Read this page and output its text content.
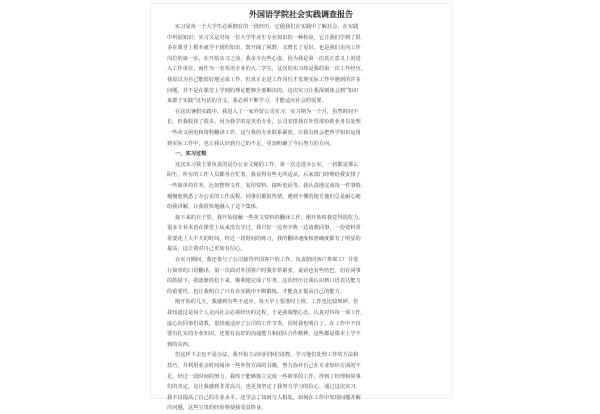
外国语学院社会实践调查报告
实习是每一个大学生必须拥有的一段经历，它使我们在实践中了解社会、在实践
中巩固知识；实习又是对每一位大学毕业生专业知识的一种检验，它让我们学到了很
多在课堂上根本就学不到的知识，既开阔了视野，又增长了见识，也是我们走向工作
岗位的第一步。在开始实习之前，我多少有些心虚，因为我是第一次真正意义上的进
入工作单位，而作为一名英语专业的大二学生，这次的实习却是我的第一次工作经历。
我原以为自己能很好地完成工作，但真正走进工作岗位才发现实际工作中遇到的许多
问题，并不是在课堂上学到的理论能够全部解决的。这次实习让我深刻体会到“知识
来源于实践”这句话的含义，我必须不断学习，才能适应社会的需要。
在这次暑假实践中，我进入了一家外贸公司实习，实习期为一个月，虽然时间不
长，但我收获了很多。因为我学的是英语专业，公司安排我在外贸部协助业务员处理
一些英文函电和资料翻译工作，这与我的专业联系紧密，让我有机会把所学知识运用
到实际工作中，也让我认识到自己的不足，更加明确了今后努力的方向。
一、实习过程
这次实习我主要负责的是办公室文秘的工作，第一次走进办公室，一切都是那么
陌生，所有的工作人员都各自忙着，我显得有些无所适从。后来部门经理给我安排了
一些简单的任务，比如整理文件、复印资料、接听电话等，我认真地完成每一件事情，
慢慢地熟悉了办公室的工作流程。同事们都很热情，遇到不懂的地方他们总是耐心地
给我讲解，让我很快地融入了这个集体。
接下来的日子里，我开始接触一些英文资料的翻译工作，刚开始时我觉得很吃力，
很多专业术语在课堂上从来没有学过，我只好一边查字典一边请教同事，一份资料常
常要花上大半天的时间。经过一段时间的练习，我的翻译速度和准确度都有了明显的
提高，这让我对自己更加有信心。
在实习期间，我还参与了公司接待外国客户的工作，负责陪同客户参观工厂并进
行简单的口语翻译。第一次面对外国客户时我非常紧张，说话也有些结巴，但在同事
的鼓励下，我逐渐放松下来，顺利地完成了任务。这次经历让我认识到口语表达能力
的重要性，也让我明白了只有在实践中不断锻炼，才能真正提高自己的能力。
刚开始的几天，我感到有些不适应，每天早上要准时上班，工作也比较琐碎。但
我知道这是每个人走向社会必须经历的过程，于是我调整心态，认真对待每一项工作，
虚心向同事们请教，很快就适应了公司的工作节奏。同时我也明白了，在工作中不仅
要有扎实的专业知识，还要有良好的沟通能力和团队合作精神，这些都是课本上学不
到的东西。
但这样下去也不是办法，我开始主动向同事们请教，学习他们处理工作的方法和
技巧，并利用业余时间阅读一些外贸方面的书籍，努力弥补自己在专业知识方面的不
足。经过一段时间的努力，我终于能够独立完成一些简单的工作，得到了经理和同事
们的肯定。这让我感到非常高兴，也更加坚定了我努力学习的信心。通过这次实习，
我不仅提高了自己的专业水平，还学会了如何与人相处，如何在工作中发现问题并解
决问题，这些宝贵的经验将使我受益终身。
